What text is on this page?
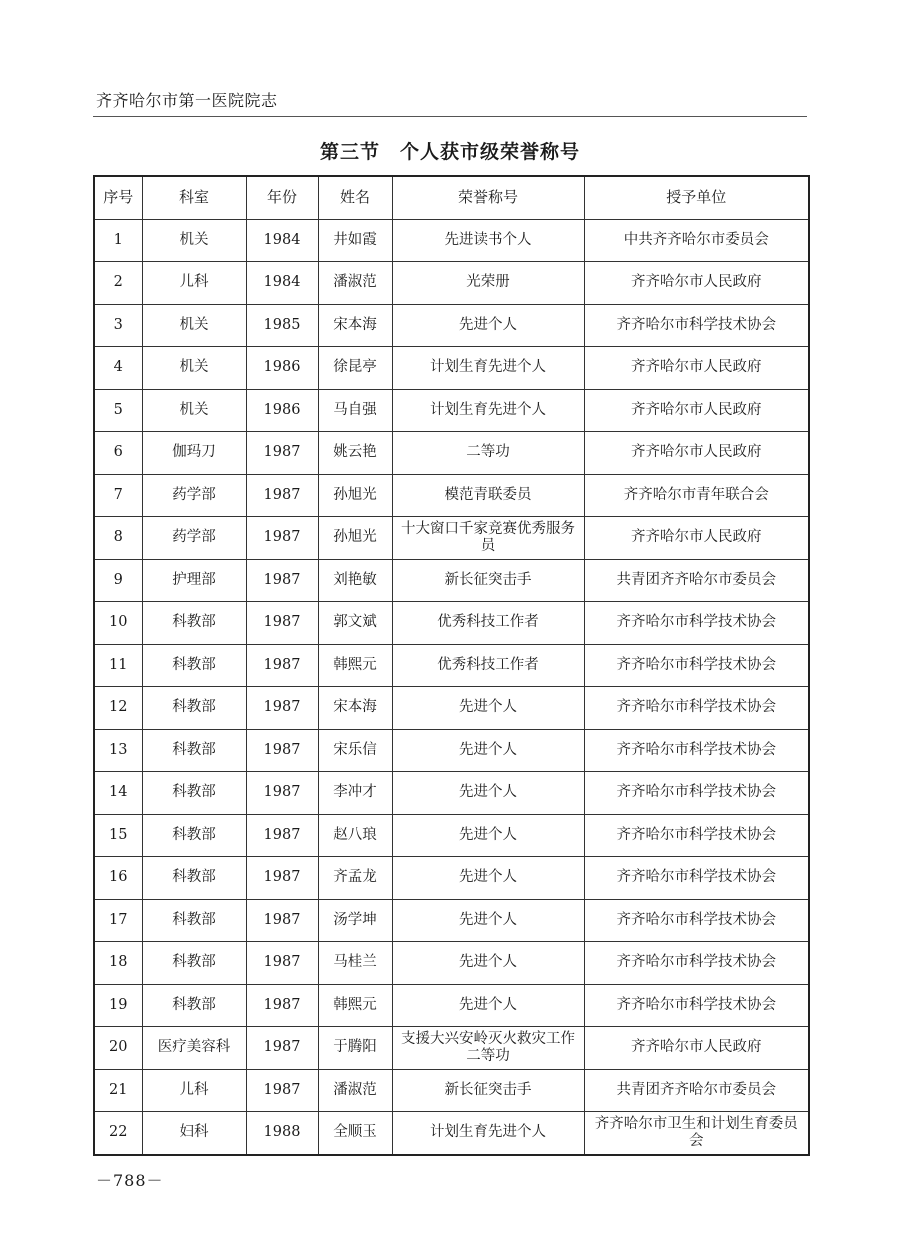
齐齐哈尔市第一医院院志
第三节　个人获市级荣誉称号
序号	科室	年份	姓名	荣誉称号	授予单位
1	机关	1984	井如霞	先进读书个人	中共齐齐哈尔市委员会
2	儿科	1984	潘淑范	光荣册	齐齐哈尔市人民政府
3	机关	1985	宋本海	先进个人	齐齐哈尔市科学技术协会
4	机关	1986	徐昆亭	计划生育先进个人	齐齐哈尔市人民政府
5	机关	1986	马自强	计划生育先进个人	齐齐哈尔市人民政府
6	伽玛刀	1987	姚云艳	二等功	齐齐哈尔市人民政府
7	药学部	1987	孙旭光	模范青联委员	齐齐哈尔市青年联合会
8	药学部	1987	孙旭光	十大窗口千家竞赛优秀服务员	齐齐哈尔市人民政府
9	护理部	1987	刘艳敏	新长征突击手	共青团齐齐哈尔市委员会
10	科教部	1987	郭文斌	优秀科技工作者	齐齐哈尔市科学技术协会
11	科教部	1987	韩熙元	优秀科技工作者	齐齐哈尔市科学技术协会
12	科教部	1987	宋本海	先进个人	齐齐哈尔市科学技术协会
13	科教部	1987	宋乐信	先进个人	齐齐哈尔市科学技术协会
14	科教部	1987	李冲才	先进个人	齐齐哈尔市科学技术协会
15	科教部	1987	赵八琅	先进个人	齐齐哈尔市科学技术协会
16	科教部	1987	齐孟龙	先进个人	齐齐哈尔市科学技术协会
17	科教部	1987	汤学坤	先进个人	齐齐哈尔市科学技术协会
18	科教部	1987	马桂兰	先进个人	齐齐哈尔市科学技术协会
19	科教部	1987	韩熙元	先进个人	齐齐哈尔市科学技术协会
20	医疗美容科	1987	于腾阳	支援大兴安岭灭火救灾工作二等功	齐齐哈尔市人民政府
21	儿科	1987	潘淑范	新长征突击手	共青团齐齐哈尔市委员会
22	妇科	1988	全顺玉	计划生育先进个人	齐齐哈尔市卫生和计划生育委员会
－788－
